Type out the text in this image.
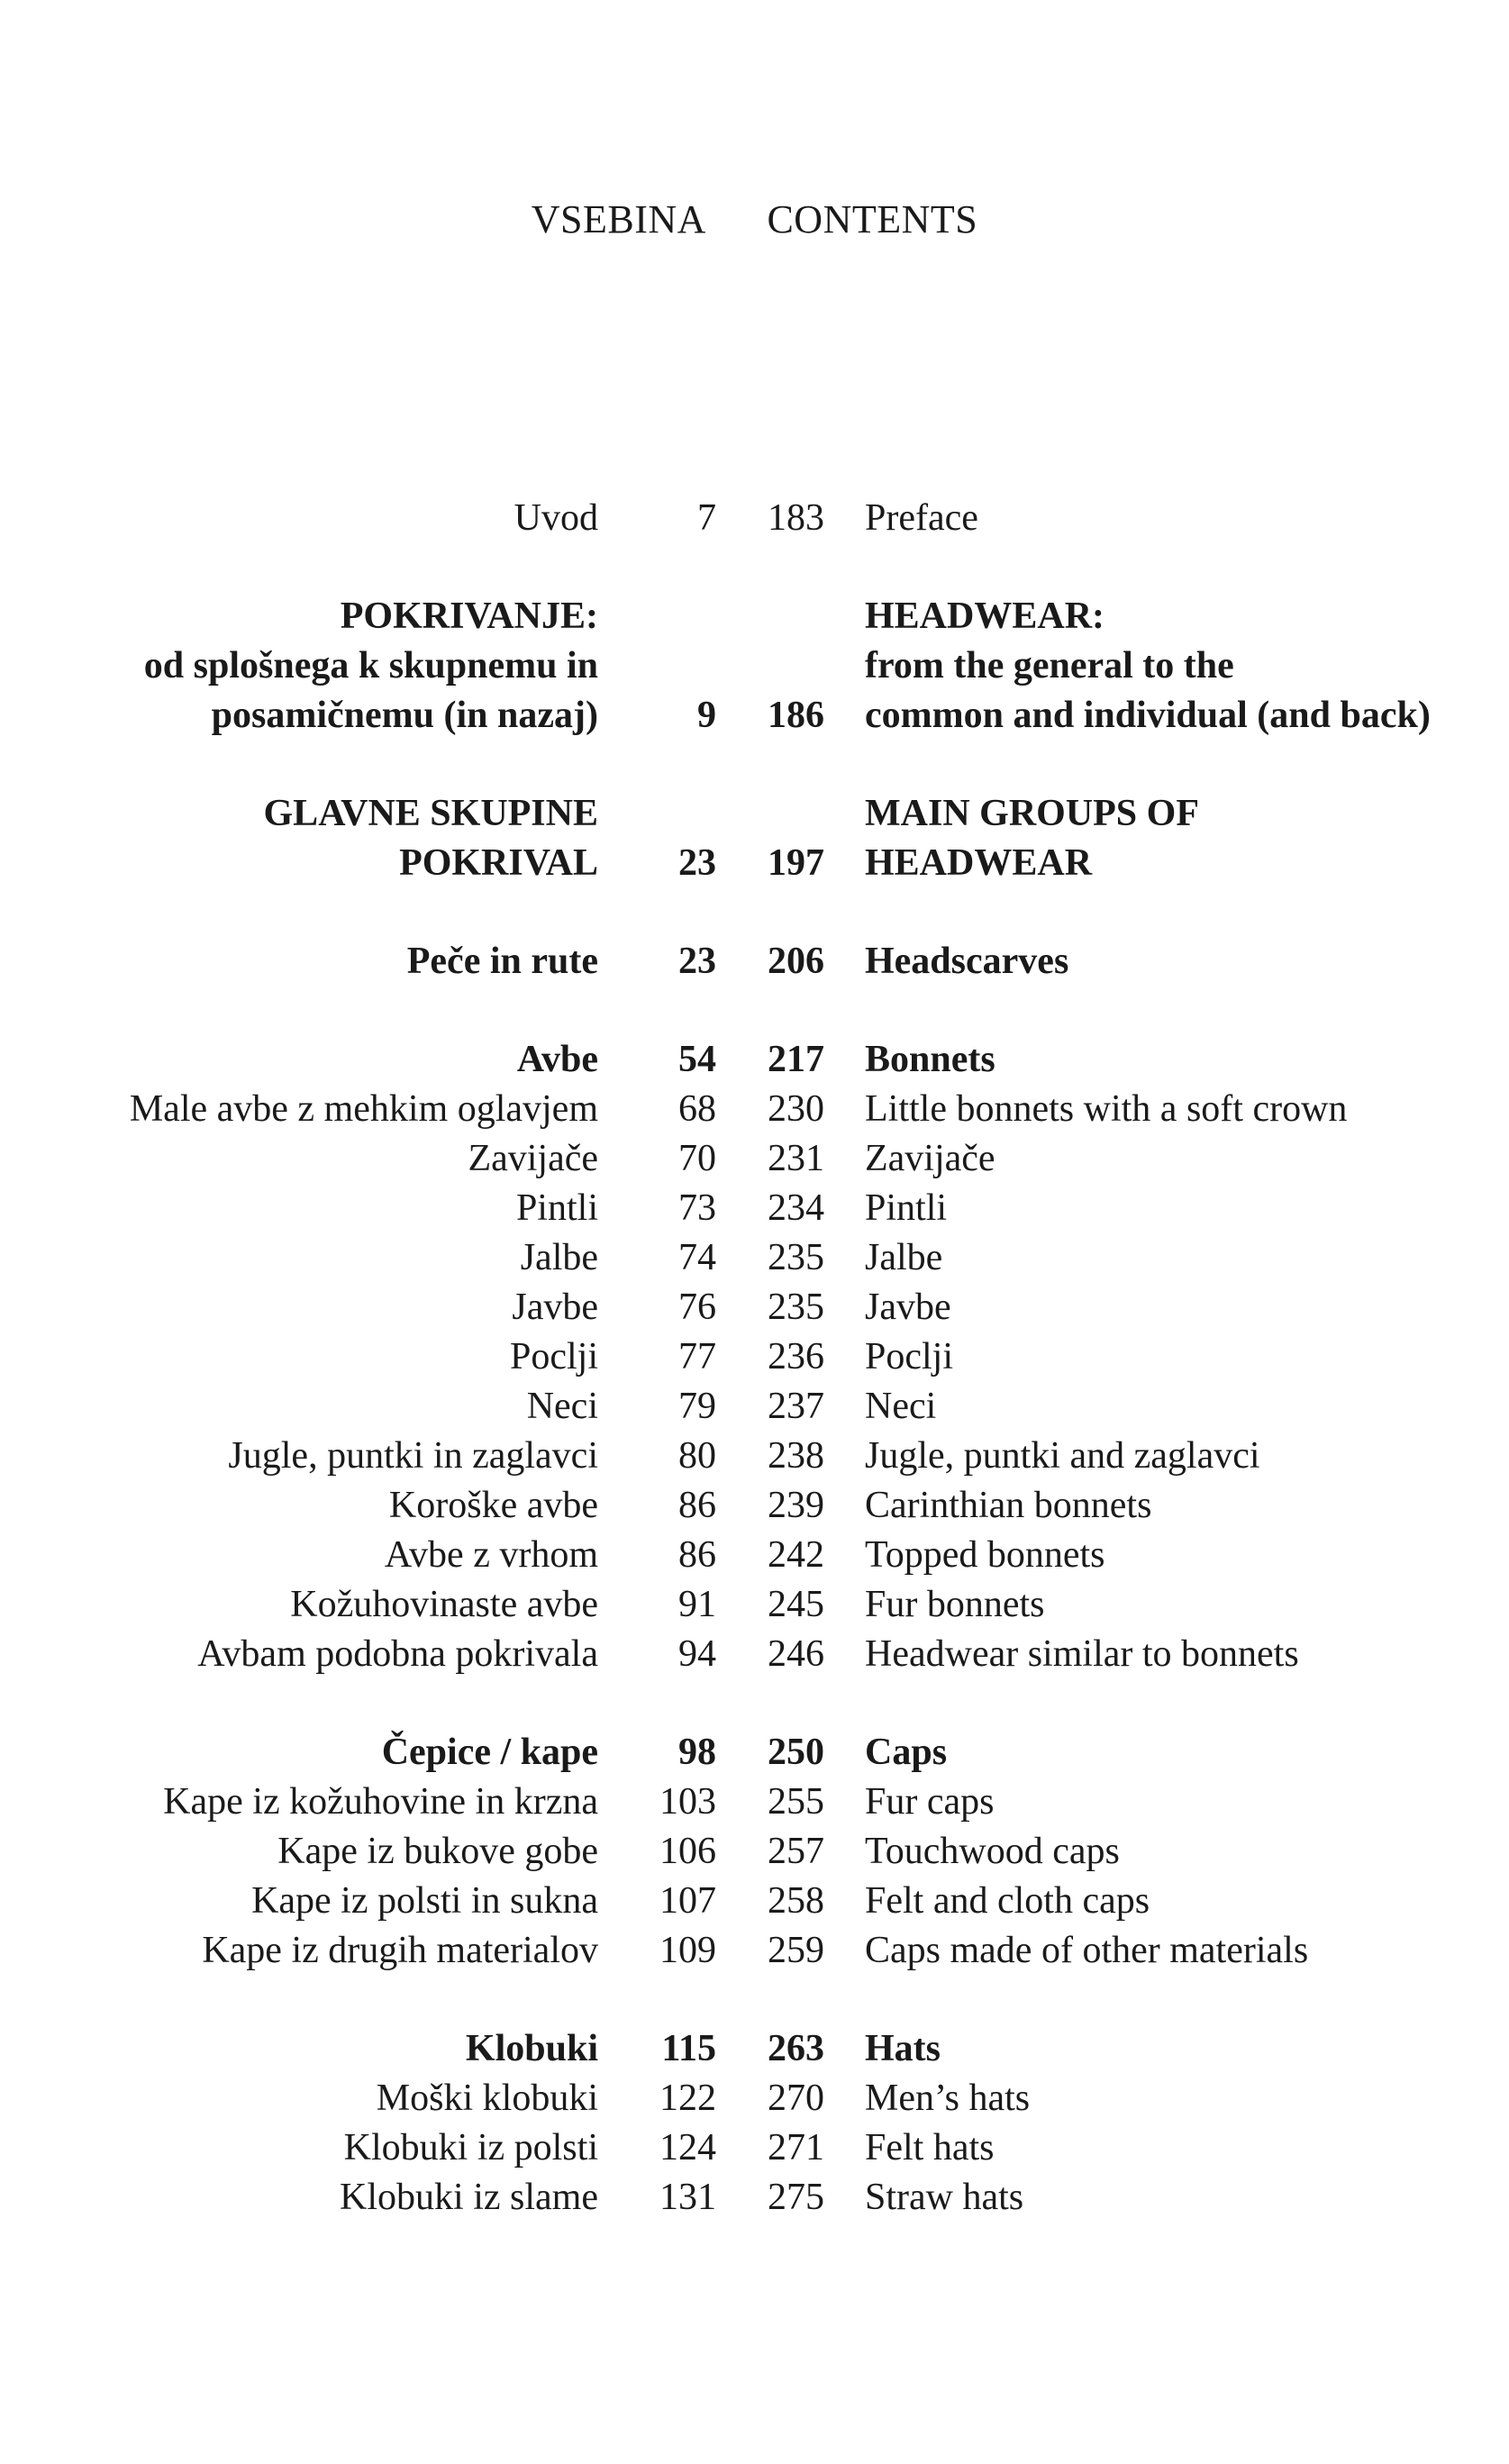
VSEBINA CONTENTS
Uvod	7	183 Preface
POKRIVANJE:	HEADWEAR:
od splošnega k skupnemu in	from the general to the
posamičnemu (in nazaj)	9	186 common and individual (and back)
GLAVNE SKUPINE	MAIN GROUPS OF
POKRIVAL	23	197 HEADWEAR
Peče in rute	23	206 Headscarves
Avbe	54	217 Bonnets
Male avbe z mehkim oglavjem	68	230 Little bonnets with a soft crown
Zavijače	70	231 Zavijače
Pintli	73	234 Pintli
Jalbe	74	235 Jalbe
Javbe	76	235 Javbe
Poclji	77	236 Poclji
Neci	79	237 Neci
Jugle, puntki in zaglavci	80	238 Jugle, puntki and zaglavci
Koroške avbe	86	239 Carinthian bonnets
Avbe z vrhom	86	242 Topped bonnets
Kožuhovinaste avbe	91	245 Fur bonnets
Avbam podobna pokrivala	94	246 Headwear similar to bonnets
Čepice / kape	98	250 Caps
Kape iz kožuhovine in krzna	103	255 Fur caps
Kape iz bukove gobe	106	257 Touchwood caps
Kape iz polsti in sukna	107	258 Felt and cloth caps
Kape iz drugih materialov	109	259 Caps made of other materials
Klobuki	115	263 Hats
Moški klobuki	122	270 Men’s hats
Klobuki iz polsti	124	271 Felt hats
Klobuki iz slame	131	275 Straw hats
